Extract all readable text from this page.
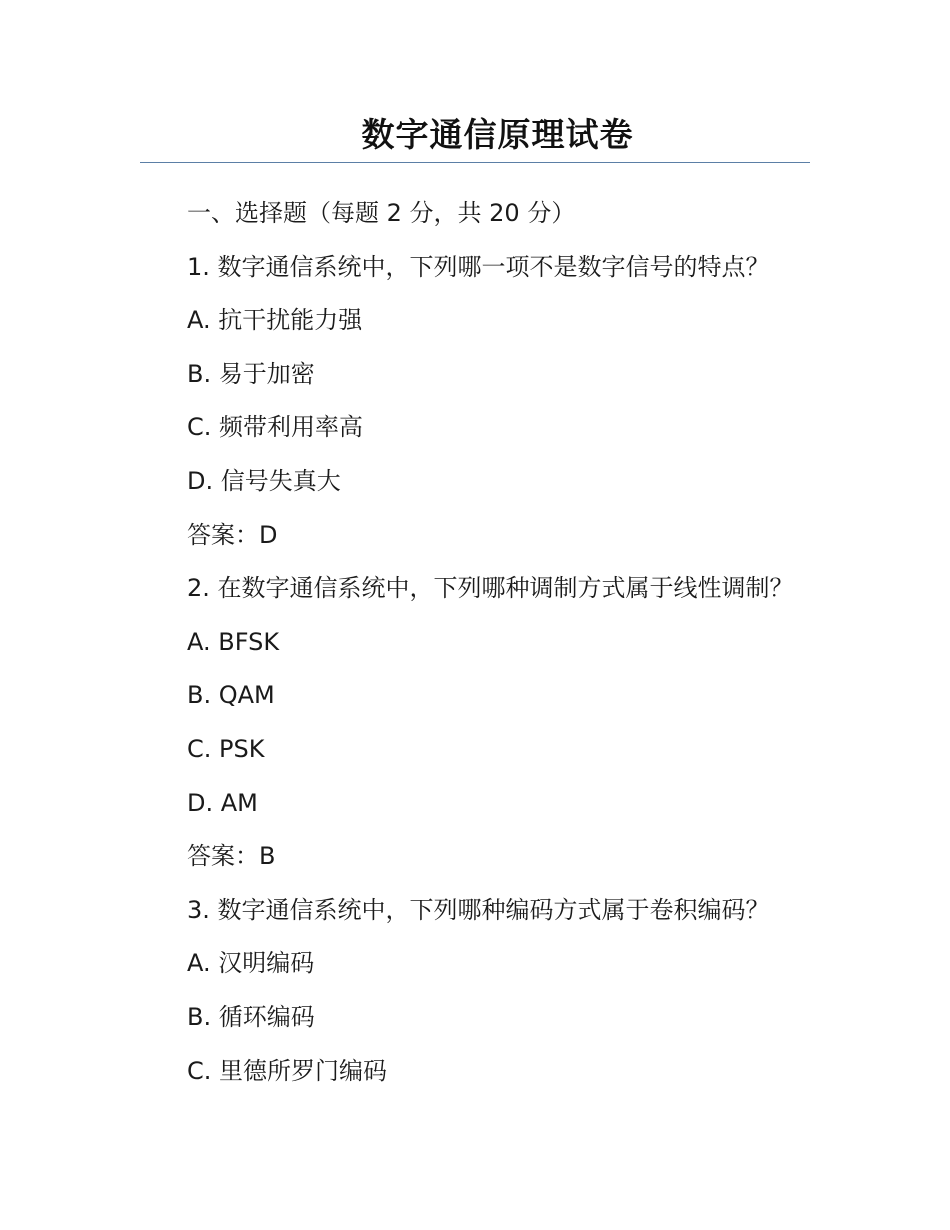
数字通信原理试卷
一、选择题（每题 2 分，共 20 分）
1. 数字通信系统中，下列哪一项不是数字信号的特点？
A. 抗干扰能力强
B. 易于加密
C. 频带利用率高
D. 信号失真大
答案：D
2. 在数字通信系统中，下列哪种调制方式属于线性调制？
A. BFSK
B. QAM
C. PSK
D. AM
答案：B
3. 数字通信系统中，下列哪种编码方式属于卷积编码？
A. 汉明编码
B. 循环编码
C. 里德所罗门编码
